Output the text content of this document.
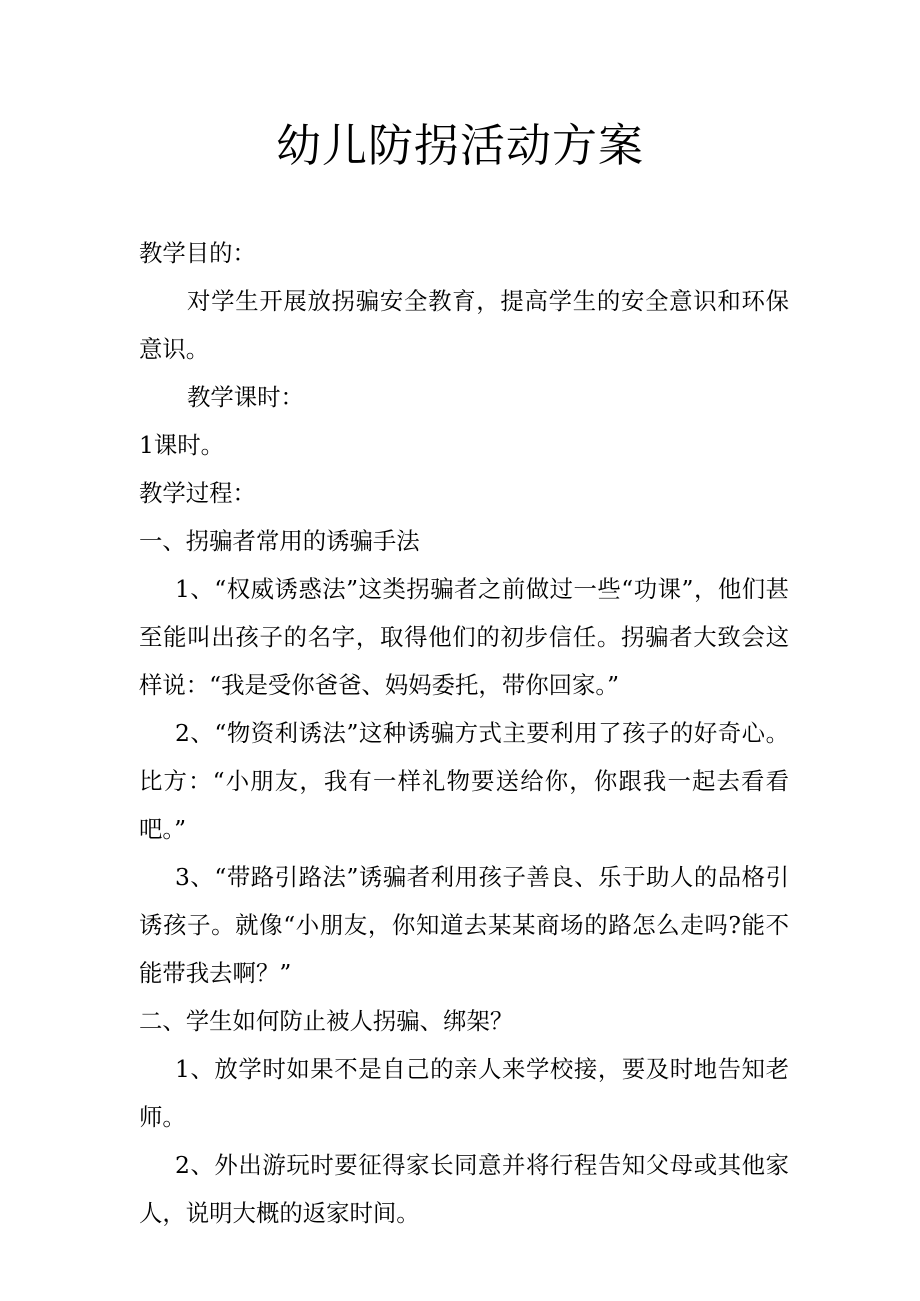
幼儿防拐活动方案

教学目的：

对学生开展放拐骗安全教育，提高学生的安全意识和环保意识。

教学课时：

1课时。

教学过程：

一、拐骗者常用的诱骗手法

1、“权威诱惑法”这类拐骗者之前做过一些“功课”，他们甚至能叫出孩子的名字，取得他们的初步信任。拐骗者大致会这样说：“我是受你爸爸、妈妈委托，带你回家。”

2、“物资利诱法”这种诱骗方式主要利用了孩子的好奇心。比方：“小朋友，我有一样礼物要送给你，你跟我一起去看看吧。”

3、“带路引路法”诱骗者利用孩子善良、乐于助人的品格引诱孩子。就像“小朋友，你知道去某某商场的路怎么走吗?能不能带我去啊？”

二、学生如何防止被人拐骗、绑架？

1、放学时如果不是自己的亲人来学校接，要及时地告知老师。

2、外出游玩时要征得家长同意并将行程告知父母或其他家人，说明大概的返家时间。
